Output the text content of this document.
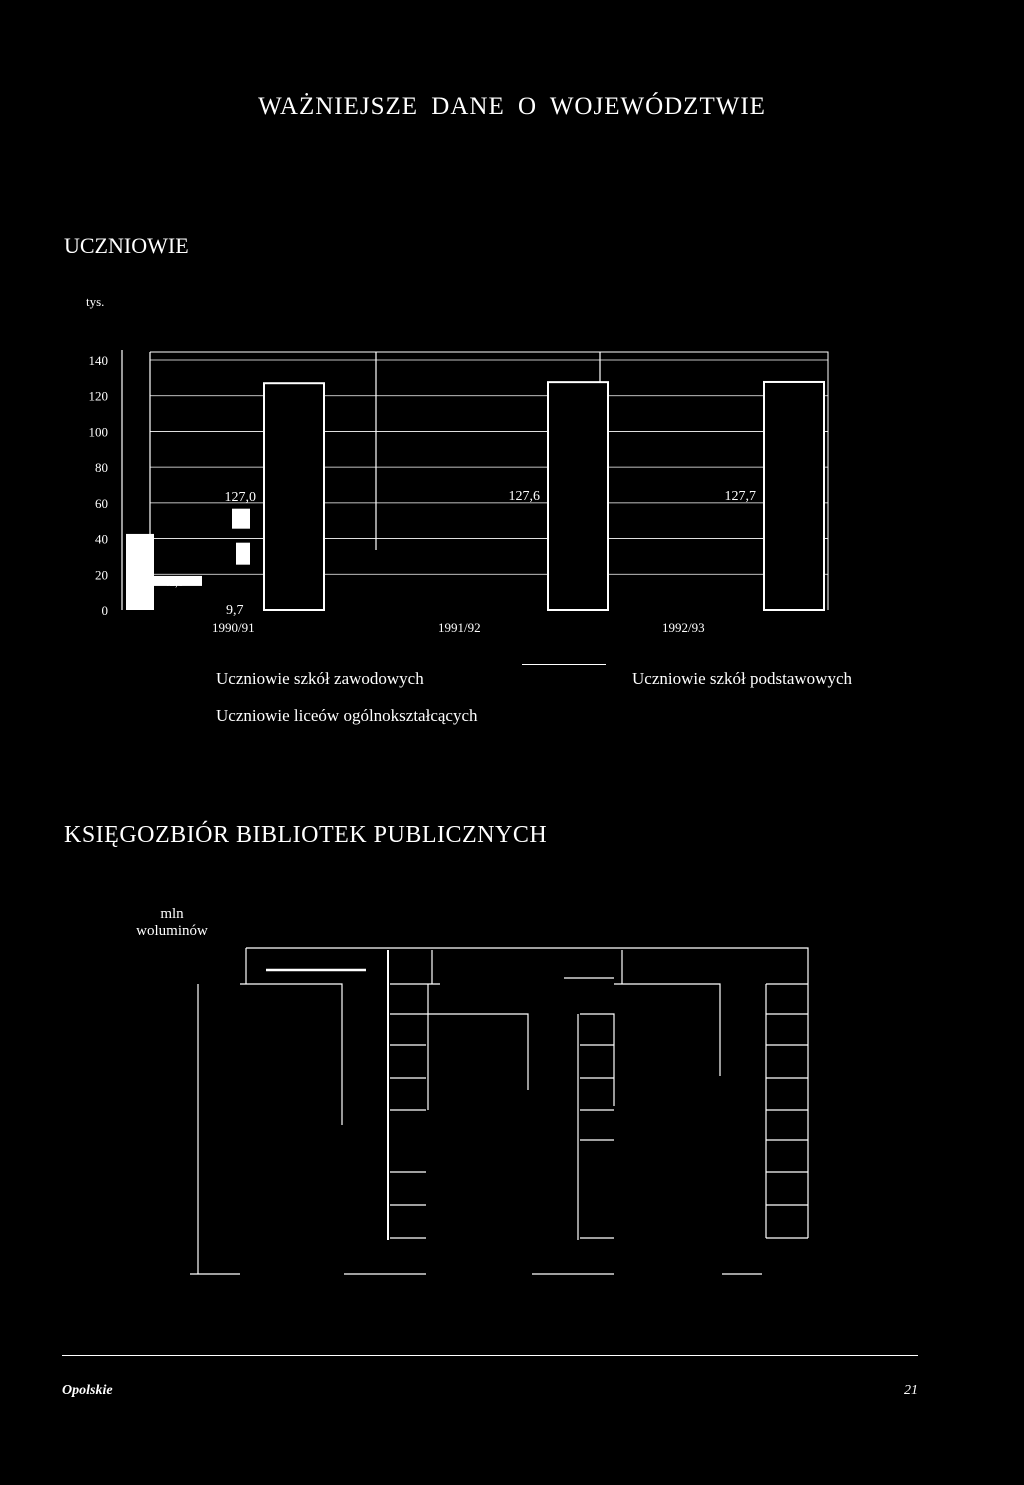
WAŻNIEJSZE DANE O WOJEWÓDZTWIE
UCZNIOWIE
tys.
0
20
40
60
80
100
120
140
127,0
42,6
9,7
127,6	127,7
1990/91	1991/92	1992/93
Uczniowie szkół zawodowych	Uczniowie szkół podstawowych
Uczniowie liceów ogólnokształcących
KSIĘGOZBIÓR BIBLIOTEK PUBLICZNYCH
mln
woluminów
Opolskie	21
